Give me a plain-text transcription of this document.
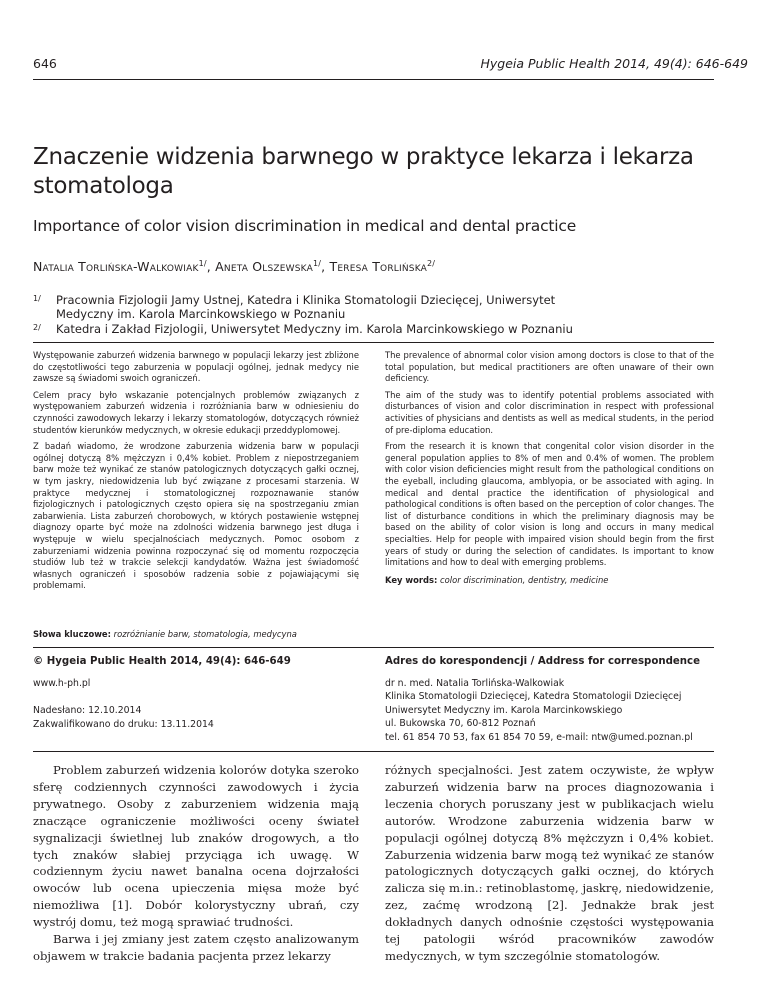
646	Hygeia Public Health 2014, 49(4): 646-649
Znaczenie widzenia barwnego w praktyce lekarza i lekarza stomatologa
Importance of color vision discrimination in medical and dental practice
Natalia Torlińska-Walkowiak$^{1/}$, Aneta Olszewska$^{1/}$, Teresa Torlińska$^{2/}$
1/ Pracownia Fizjologii Jamy Ustnej, Katedra i Klinika Stomatologii Dziecięcej, Uniwersytet Medyczny im. Karola Marcinkowskiego w Poznaniu
2/ Katedra i Zakład Fizjologii, Uniwersytet Medyczny im. Karola Marcinkowskiego w Poznaniu

Występowanie zaburzeń widzenia barwnego w populacji lekarzy jest zbliżone do częstotliwości tego zaburzenia w populacji ogólnej, jednak medycy nie zawsze są świadomi swoich ograniczeń.

Celem pracy było wskazanie potencjalnych problemów związanych z występowaniem zaburzeń widzenia i rozróżniania barw w odniesieniu do czynności zawodowych lekarzy i lekarzy stomatologów, dotyczących również studentów kierunków medycznych, w okresie edukacji przeddyplomowej.

Z badań wiadomo, że wrodzone zaburzenia widzenia barw w populacji ogólnej dotyczą 8% mężczyzn i 0,4% kobiet. Problem z niepostrzeganiem barw może też wynikać ze stanów patologicznych dotyczących gałki ocznej, w tym jaskry, niedowidzenia lub być związane z procesami starzenia. W praktyce medycznej i stomatologicznej rozpoznawanie stanów fizjologicznych i patologicznych często opiera się na spostrzeganiu zmian zabarwienia. Lista zaburzeń chorobowych, w których postawienie wstępnej diagnozy oparte być może na zdolności widzenia barwnego jest długa i występuje w wielu specjalnościach medycznych. Pomoc osobom z zaburzeniami widzenia powinna rozpoczynać się od momentu rozpoczęcia studiów lub też w trakcie selekcji kandydatów. Ważna jest świadomość własnych ograniczeń i sposobów radzenia sobie z pojawiającymi się problemami.

The prevalence of abnormal color vision among doctors is close to that of the total population, but medical practitioners are often unaware of their own deficiency.

The aim of the study was to identify potential problems associated with disturbances of vision and color discrimination in respect with professional activities of physicians and dentists as well as medical students, in the period of pre-diploma education.

From the research it is known that congenital color vision disorder in the general population applies to 8% of men and 0.4% of women. The problem with color vision deficiencies might result from the pathological conditions on the eyeball, including glaucoma, amblyopia, or be associated with aging. In medical and dental practice the identification of physiological and pathological conditions is often based on the perception of color changes. The list of disturbance conditions in which the preliminary diagnosis may be based on the ability of color vision is long and occurs in many medical specialties. Help for people with impaired vision should begin from the first years of study or during the selection of candidates. Is important to know limitations and how to deal with emerging problems.

Key words: color discrimination, dentistry, medicine

Słowa kluczowe: rozróżnianie barw, stomatologia, medycyna
© Hygeia Public Health 2014, 49(4): 646-649
www.h-ph.pl
Nadesłano: 12.10.2014
Zakwalifikowano do druku: 13.11.2014
Adres do korespondencji / Address for correspondence
dr n. med. Natalia Torlińska-Walkowiak
Klinika Stomatologii Dziecięcej, Katedra Stomatologii Dziecięcej
Uniwersytet Medyczny im. Karola Marcinkowskiego
ul. Bukowska 70, 60-812 Poznań
tel. 61 854 70 53, fax 61 854 70 59, e-mail: ntw@umed.poznan.pl

Problem zaburzeń widzenia kolorów dotyka szeroko sferę codziennych czynności zawodowych i życia prywatnego. Osoby z zaburzeniem widzenia mają znaczące ograniczenie możliwości oceny świateł sygnalizacji świetlnej lub znaków drogowych, a tło tych znaków słabiej przyciąga ich uwagę. W codziennym życiu nawet banalna ocena dojrzałości owoców lub ocena upieczenia mięsa może być niemożliwa [1]. Dobór kolorystyczny ubrań, czy wystrój domu, też mogą sprawiać trudności.

Barwa i jej zmiany jest zatem często analizowanym objawem w trakcie badania pacjenta przez lekarzy

różnych specjalności. Jest zatem oczywiste, że wpływ zaburzeń widzenia barw na proces diagnozowania i leczenia chorych poruszany jest w publikacjach wielu autorów. Wrodzone zaburzenia widzenia barw w populacji ogólnej dotyczą 8% mężczyzn i 0,4% kobiet. Zaburzenia widzenia barw mogą też wynikać ze stanów patologicznych dotyczących gałki ocznej, do których zalicza się m.in.: retinoblastomę, jaskrę, niedowidzenie, zez, zaćmę wrodzoną [2]. Jednakże brak jest dokładnych danych odnośnie częstości występowania tej patologii wśród pracowników zawodów medycznych, w tym szczególnie stomatologów.
